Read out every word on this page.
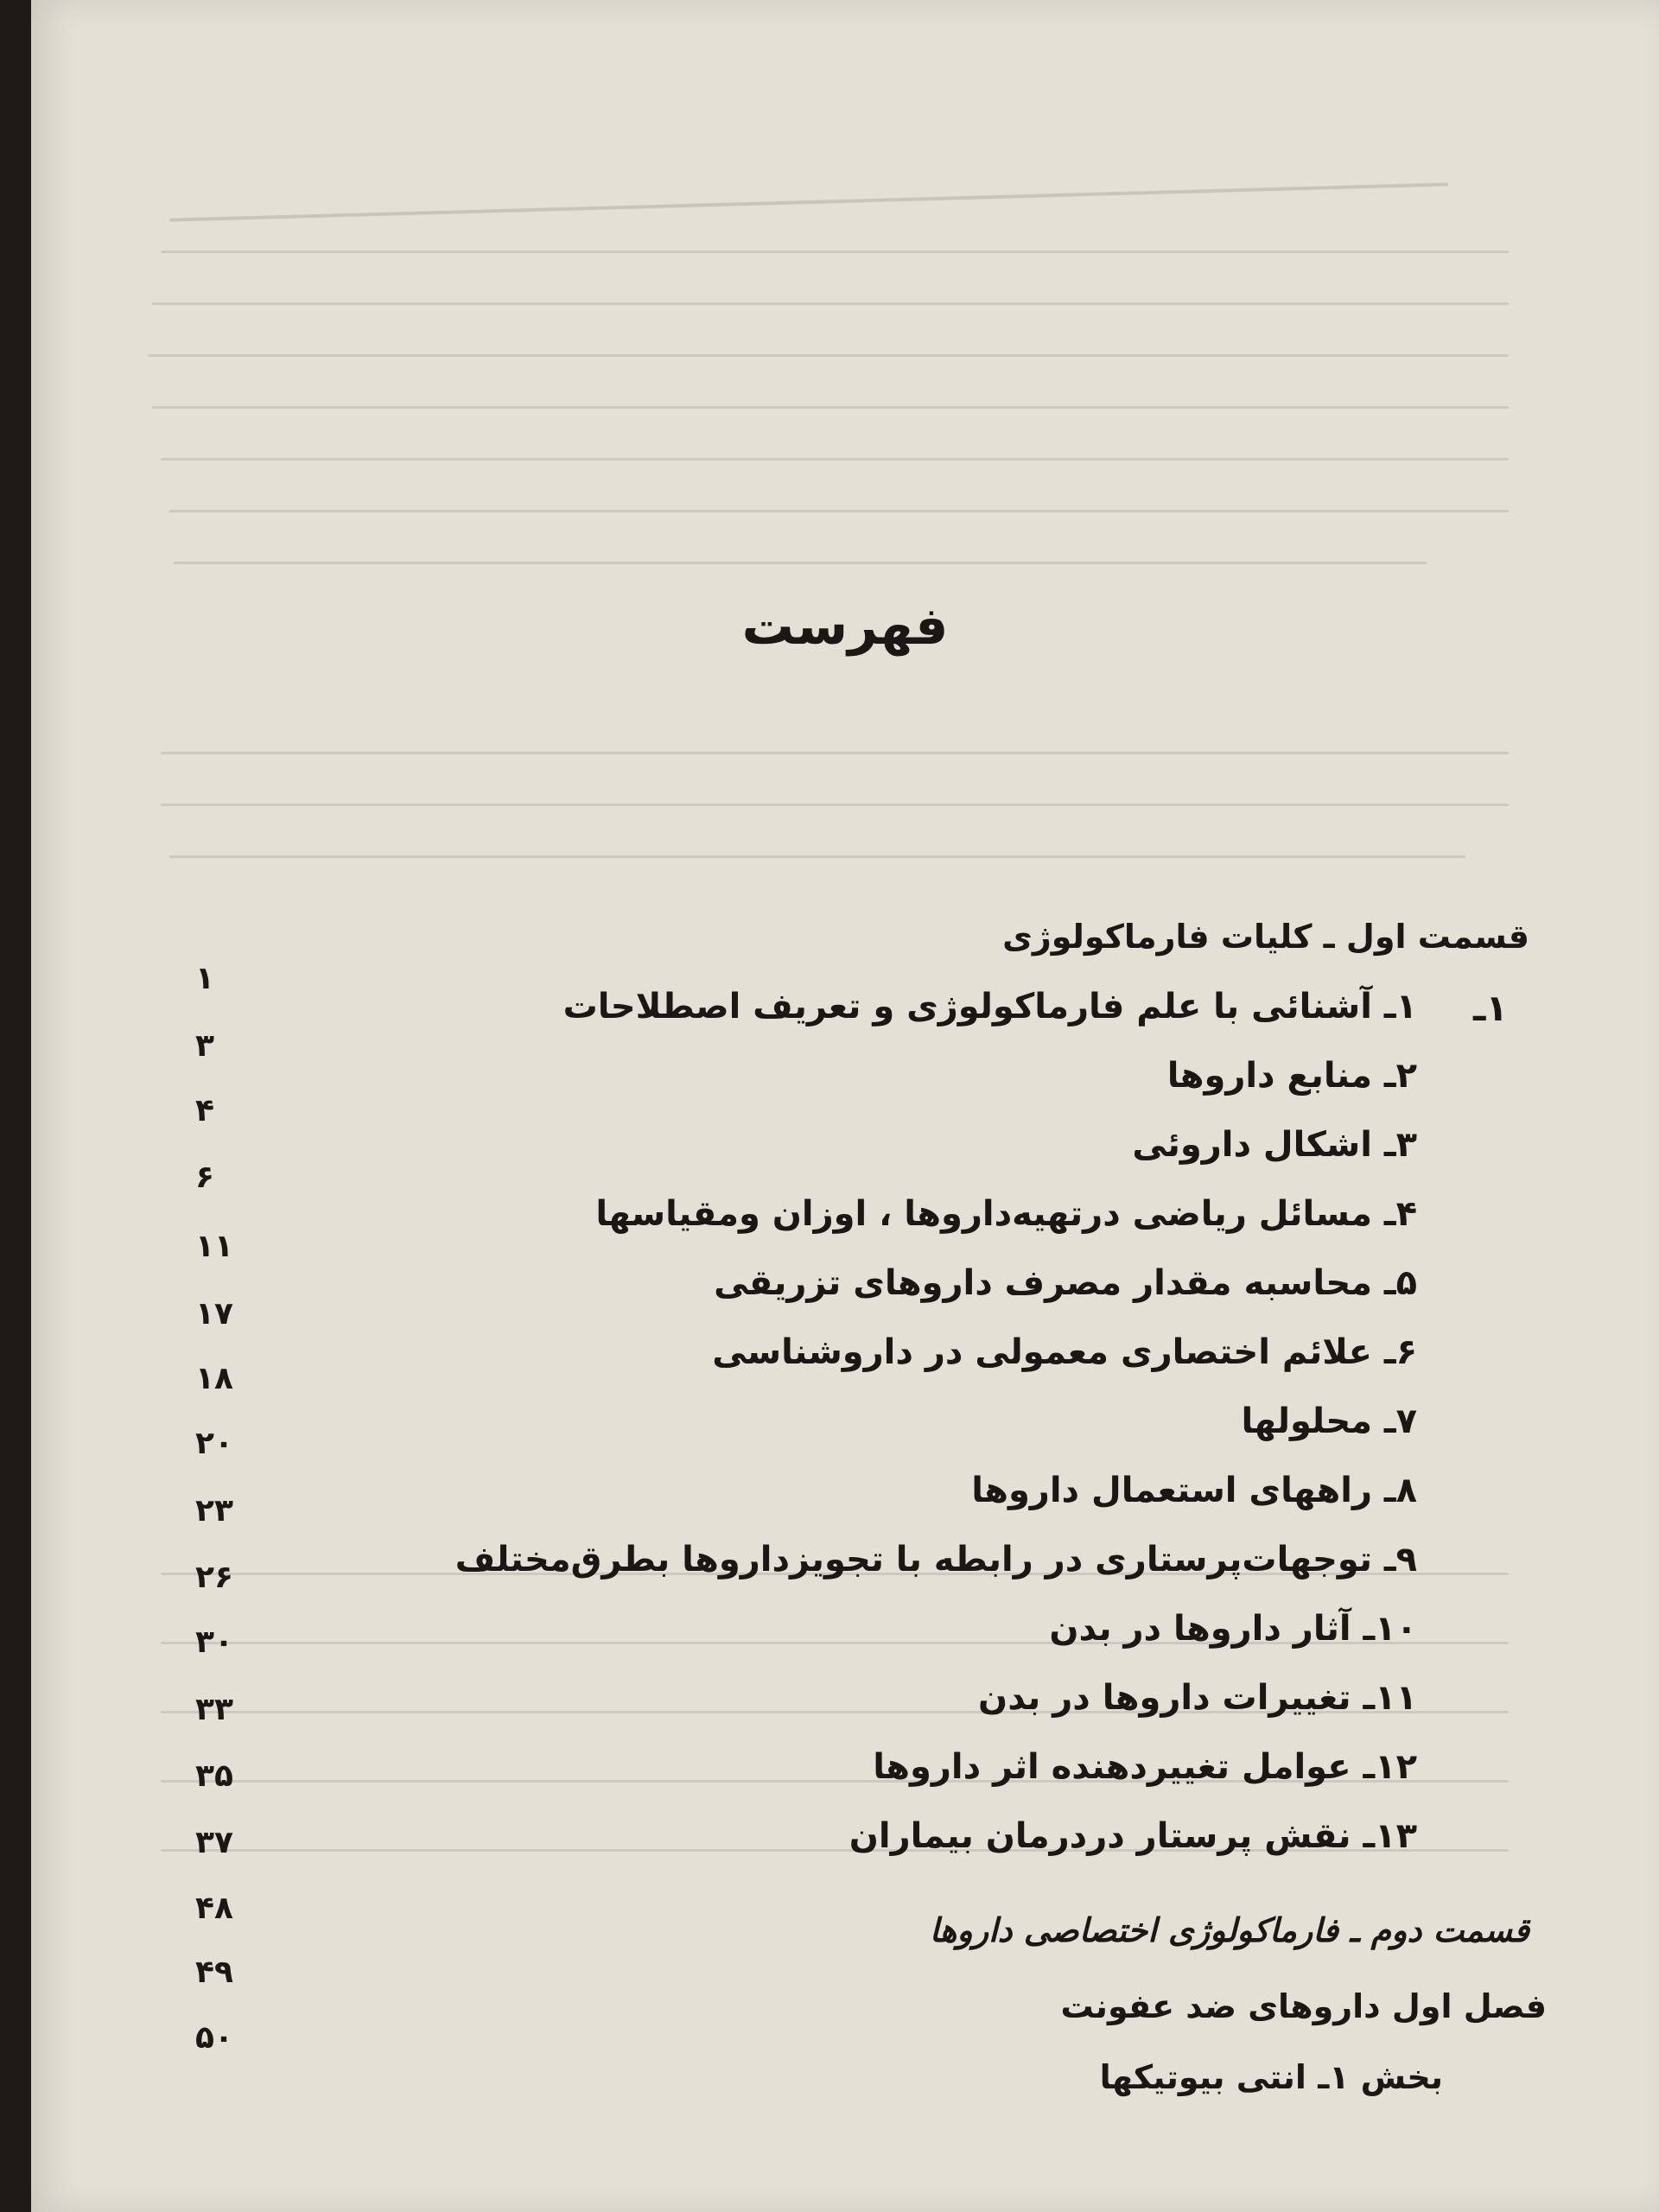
فهرست
قسمت اول ـ کلیات فارماکولوژی
۱ـ
۱ـ آشنائی با علم فارماکولوژی و تعریف اصطلاحات
۲ـ منابع داروها
۳ـ اشکال داروئی
۴ـ مسائل ریاضی درتهیه‌داروها ، اوزان ومقیاسها
۵ـ محاسبه مقدار مصرف داروهای تزریقی
۶ـ علائم اختصاری معمولی در داروشناسی
۷ـ محلولها
۸ـ راههای استعمال داروها
۹ـ توجهات‌پرستاری در رابطه با تجویزداروها بطرق‌مختلف
۱۰ـ آثار داروها در بدن
۱۱ـ تغییرات داروها در بدن
۱۲ـ عوامل تغییردهنده اثر داروها
۱۳ـ نقش پرستار دردرمان بیماران
قسمت دوم ـ فارماکولوژی اختصاصی داروها
فصل اول داروهای ضد عفونت
بخش ۱ـ انتی بیوتیکها
۱
۳
۴
۶
۱۱
۱۷
۱۸
۲۰
۲۳
۲۶
۳۰
۳۳
۳۵
۳۷
۴۸
۴۹
۵۰
